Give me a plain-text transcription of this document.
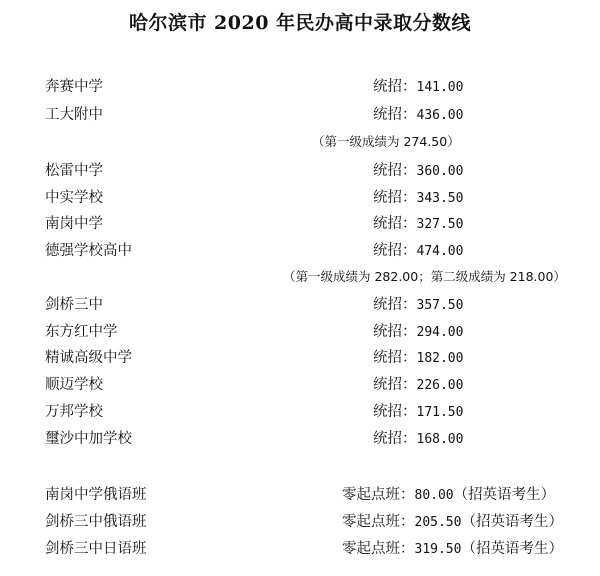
哈尔滨市 2020 年民办高中录取分数线
奔赛中学	统招：141.00
工大附中	统招：436.00
（第一级成绩为 274.50）
松雷中学	统招：360.00
中实学校	统招：343.50
南岗中学	统招：327.50
德强学校高中	统招：474.00
（第一级成绩为 282.00；第二级成绩为 218.00）
剑桥三中	统招：357.50
东方红中学	统招：294.00
精诚高级中学	统招：182.00
顺迈学校	统招：226.00
万邦学校	统招：171.50
璽沙中加学校	统招：168.00
南岗中学俄语班	零起点班：80.00（招英语考生）
剑桥三中俄语班	零起点班：205.50（招英语考生）
剑桥三中日语班	零起点班：319.50（招英语考生）
